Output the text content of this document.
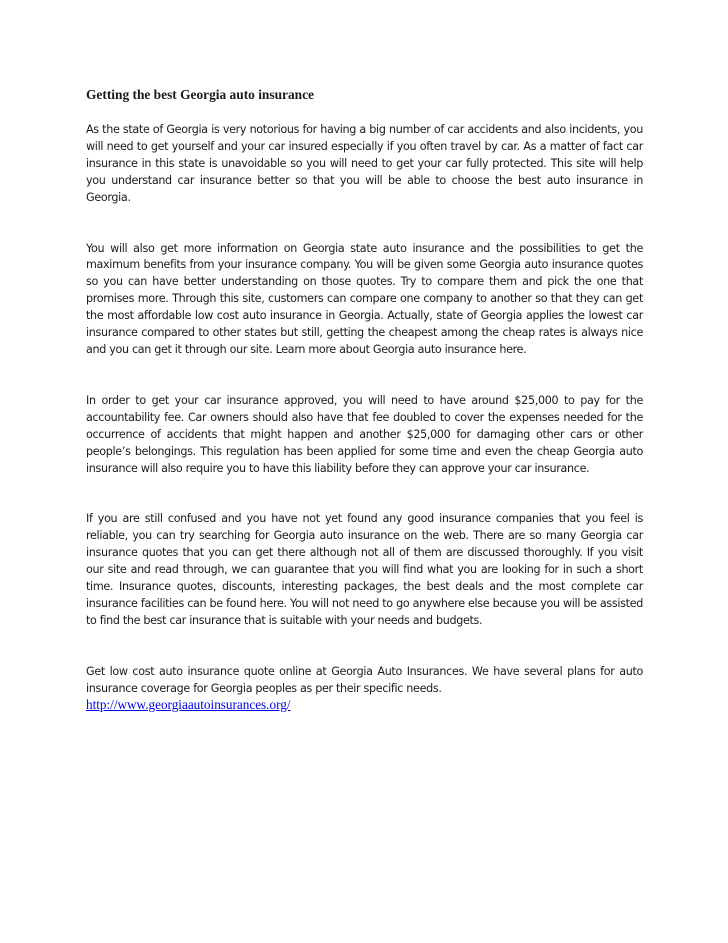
Getting the best Georgia auto insurance

As the state of Georgia is very notorious for having a big number of car accidents and also incidents, you will need to get yourself and your car insured especially if you often travel by car. As a matter of fact car insurance in this state is unavoidable so you will need to get your car fully protected. This site will help you understand car insurance better so that you will be able to choose the best auto insurance in Georgia.

You will also get more information on Georgia state auto insurance and the possibilities to get the maximum benefits from your insurance company. You will be given some Georgia auto insurance quotes so you can have better understanding on those quotes. Try to compare them and pick the one that promises more. Through this site, customers can compare one company to another so that they can get the most affordable low cost auto insurance in Georgia. Actually, state of Georgia applies the lowest car insurance compared to other states but still, getting the cheapest among the cheap rates is always nice and you can get it through our site. Learn more about Georgia auto insurance here.

In order to get your car insurance approved, you will need to have around $25,000 to pay for the accountability fee. Car owners should also have that fee doubled to cover the expenses needed for the occurrence of accidents that might happen and another $25,000 for damaging other cars or other people’s belongings. This regulation has been applied for some time and even the cheap Georgia auto insurance will also require you to have this liability before they can approve your car insurance.

If you are still confused and you have not yet found any good insurance companies that you feel is reliable, you can try searching for Georgia auto insurance on the web. There are so many Georgia car insurance quotes that you can get there although not all of them are discussed thoroughly. If you visit our site and read through, we can guarantee that you will find what you are looking for in such a short time. Insurance quotes, discounts, interesting packages, the best deals and the most complete car insurance facilities can be found here. You will not need to go anywhere else because you will be assisted to find the best car insurance that is suitable with your needs and budgets.

Get low cost auto insurance quote online at Georgia Auto Insurances. We have several plans for auto insurance coverage for Georgia peoples as per their specific needs.

http://www.georgiaautoinsurances.org/
